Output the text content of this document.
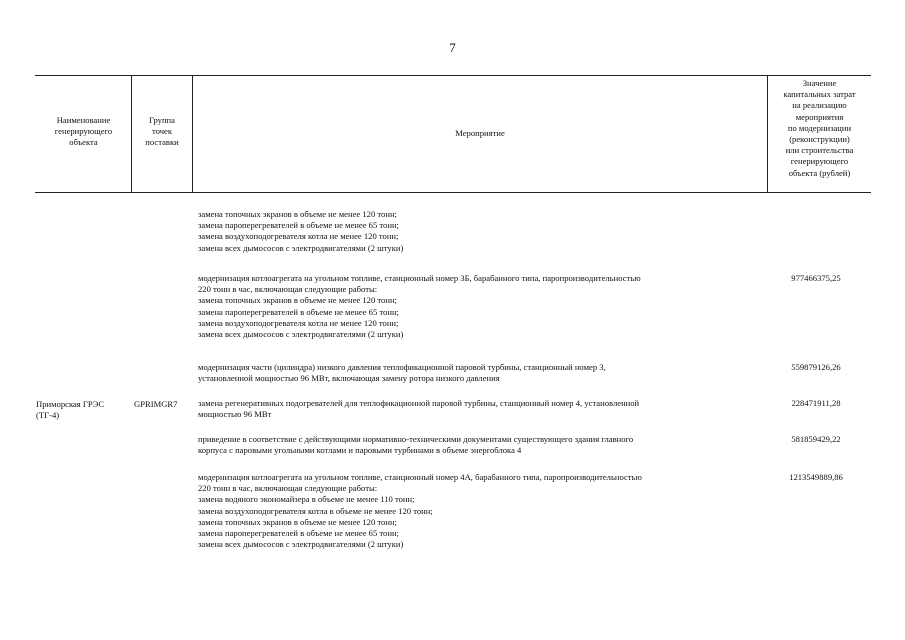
7
Наименование
генерирующего
объекта
Группа
точек
поставки
Мероприятие
Значение
капитальных затрат
на реализацию
мероприятия
по модернизации
(реконструкции)
или строительства
генерирующего
объекта (рублей)
Приморская ГРЭС
(ТГ-4)
GPRIMGR7
замена топочных экранов в объеме не менее 120 тонн;
замена пароперегревателей в объеме не менее 65 тонн;
замена воздухоподогревателя котла не менее 120 тонн;
замена всех дымососов с электродвигателями (2 штуки)
модернизация котлоагрегата на угольном топливе, станционный номер 3Б, барабанного типа, паропроизводительностью
220 тонн в час, включающая следующие работы:
замена топочных экранов в объеме не менее 120 тонн;
замена пароперегревателей в объеме не менее 65 тонн;
замена воздухоподогревателя котла не менее 120 тонн;
замена всех дымососов с электродвигателями (2 штуки)
977466375,25
модернизация части (цилиндра) низкого давления теплофикационной паровой турбины, станционный номер 3,
установленной мощностью 96 МВт, включающая замену ротора низкого давления
559879126,26
замена регенеративных подогревателей для теплофикационной паровой турбины, станционный номер 4, установленной
мощностью 96 МВт
228471911,28
приведение в соответствие с действующими нормативно-техническими документами существующего здания главного
корпуса с паровыми угольными котлами и паровыми турбинами в объеме энергоблока 4
581859429,22
модернизация котлоагрегата на угольном топливе, станционный номер 4А, барабанного типа, паропроизводительностью
220 тонн в час, включающая следующие работы:
замена водяного экономайзера в объеме не менее 110 тонн;
замена воздухоподогревателя котла в объеме не менее 120 тонн;
замена топочных экранов в объеме не менее 120 тонн;
замена пароперегревателей в объеме не менее 65 тонн;
замена всех дымососов с электродвигателями (2 штуки)
1213549889,86
